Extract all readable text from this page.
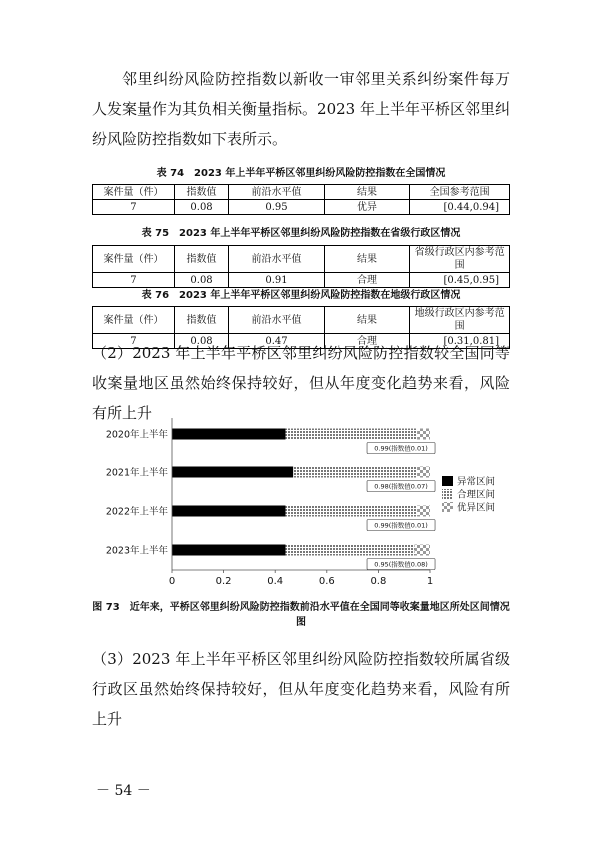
邻里纠纷风险防控指数以新收一审邻里关系纠纷案件每万人发案量作为其负相关衡量指标。2023 年上半年平桥区邻里纠纷风险防控指数如下表所示。

表 74　2023 年上半年平桥区邻里纠纷风险防控指数在全国情况

案件量（件）	指数值	前沿水平值	结果	全国参考范围
7	0.08	0.95	优异	[0.44,0.94]

表 75　2023 年上半年平桥区邻里纠纷风险防控指数在省级行政区情况

案件量（件）	指数值	前沿水平值	结果	省级行政区内参考范围
7	0.08	0.91	合理	[0.45,0.95]

表 76　2023 年上半年平桥区邻里纠纷风险防控指数在地级行政区情况

案件量（件）	指数值	前沿水平值	结果	地级行政区内参考范围
7	0.08	0.47	合理	[0.31,0.81]

（2）2023 年上半年平桥区邻里纠纷风险防控指数较全国同等收案量地区虽然始终保持较好，但从年度变化趋势来看，风险有所上升

0.99(指数值0.01)
0.98(指数值0.07)
0.99(指数值0.01)
0.95(指数值0.08)
2020年上半年
2021年上半年
2022年上半年
2023年上半年
0	0.2	0.4	0.6	0.8	1
异常区间
合理区间
优异区间

图 73　近年来，平桥区邻里纠纷风险防控指数前沿水平值在全国同等收案量地区所处区间情况图

（3）2023 年上半年平桥区邻里纠纷风险防控指数较所属省级行政区虽然始终保持较好，但从年度变化趋势来看，风险有所上升

－ 54 －
